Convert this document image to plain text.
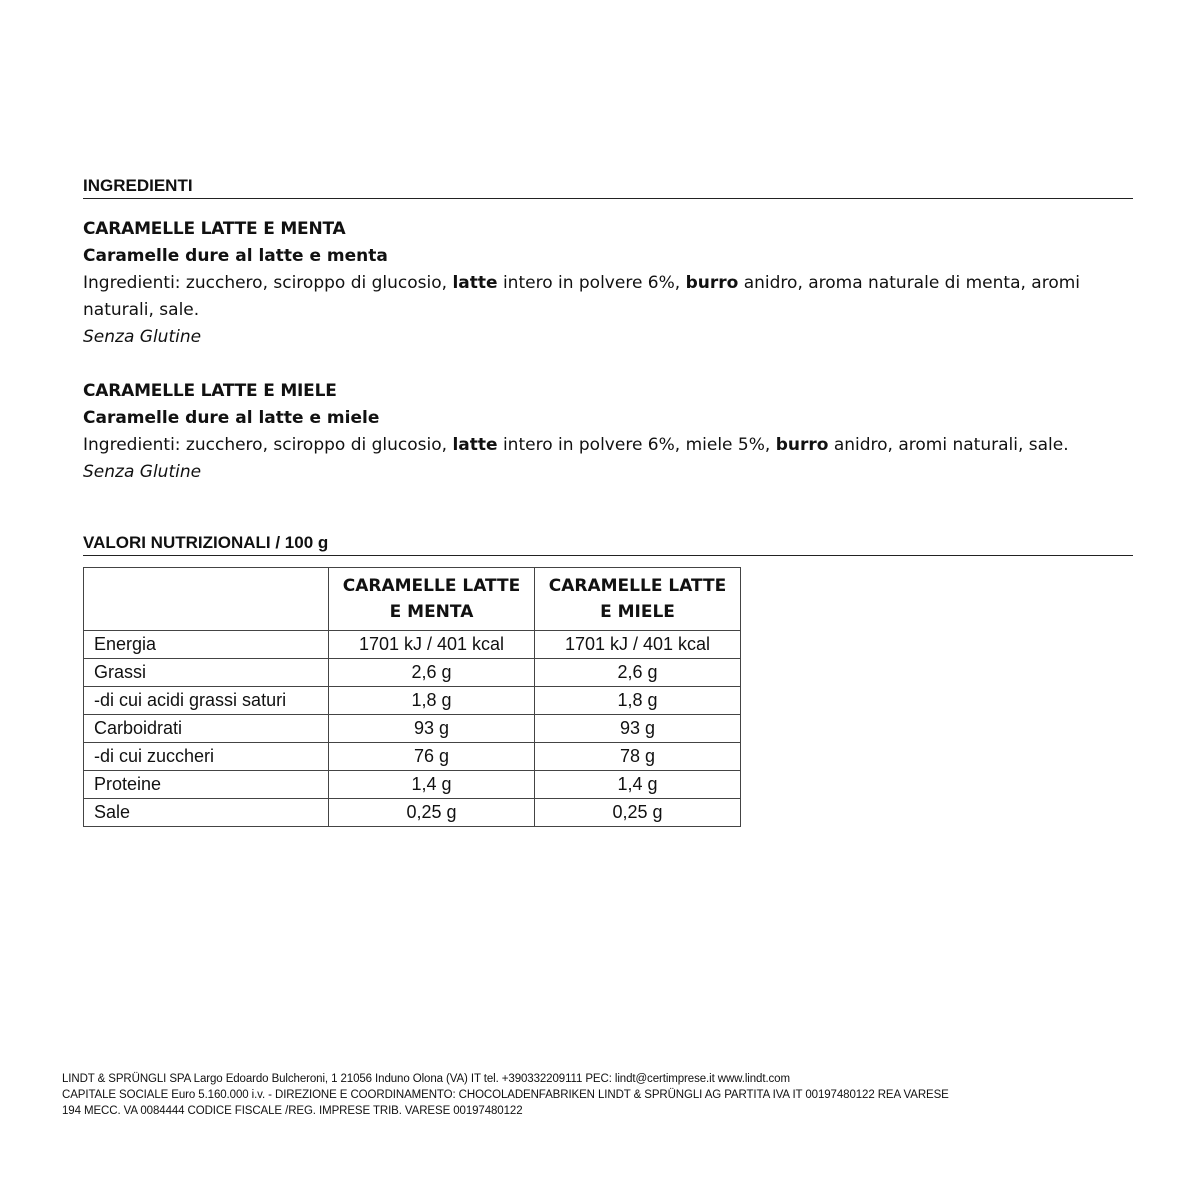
INGREDIENTI
CARAMELLE LATTE E MENTA
Caramelle dure al latte e menta
Ingredienti: zucchero, sciroppo di glucosio, latte intero in polvere 6%, burro anidro, aroma naturale di menta, aromi naturali, sale.
Senza Glutine
CARAMELLE LATTE E MIELE
Caramelle dure al latte e miele
Ingredienti: zucchero, sciroppo di glucosio, latte intero in polvere 6%, miele 5%, burro anidro, aromi naturali, sale.
Senza Glutine
VALORI NUTRIZIONALI / 100 g
	CARAMELLE LATTE E MENTA	CARAMELLE LATTE E MIELE
Energia	1701 kJ / 401 kcal	1701 kJ / 401 kcal
Grassi	2,6 g	2,6 g
-di cui acidi grassi saturi	1,8 g	1,8 g
Carboidrati	93 g	93 g
-di cui zuccheri	76 g	78 g
Proteine	1,4 g	1,4 g
Sale	0,25 g	0,25 g
LINDT & SPRÜNGLI SPA Largo Edoardo Bulcheroni, 1 21056 Induno Olona (VA) IT tel. +390332209111 PEC: lindt@certimprese.it www.lindt.com
CAPITALE SOCIALE Euro 5.160.000 i.v. - DIREZIONE E COORDINAMENTO: CHOCOLADENFABRIKEN LINDT & SPRÜNGLI AG PARTITA IVA IT 00197480122 REA VARESE
194 MECC. VA 0084444 CODICE FISCALE /REG. IMPRESE TRIB. VARESE 00197480122
